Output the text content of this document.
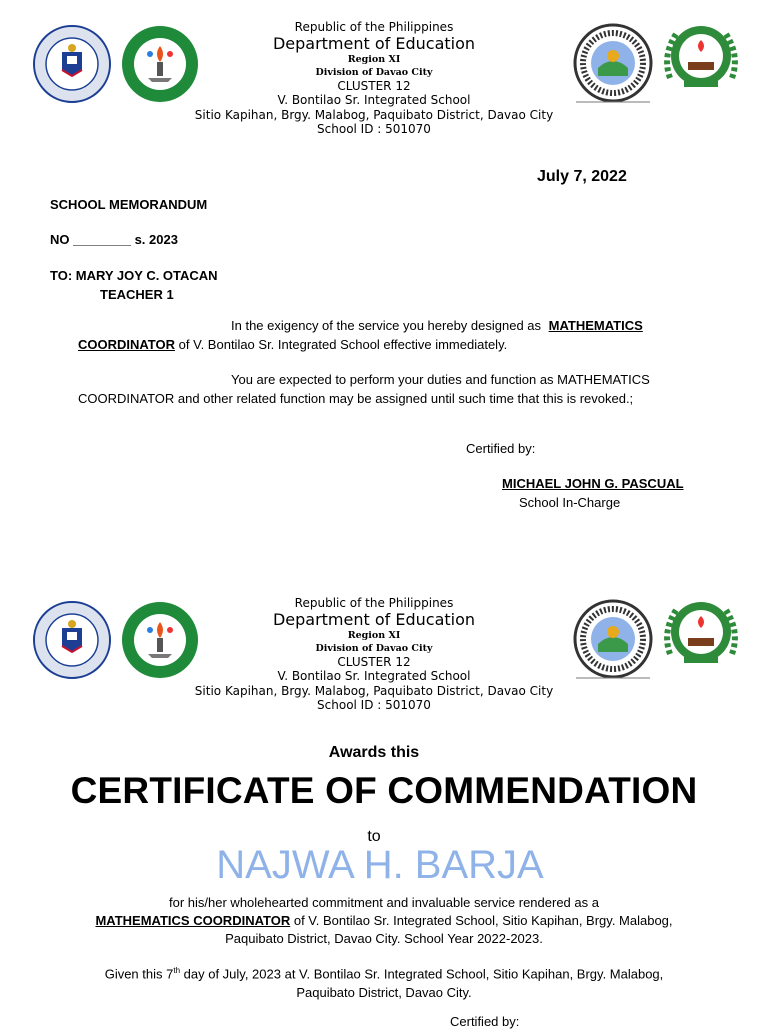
Republic of the Philippines
Department of Education
Region XI
Division of Davao City
CLUSTER 12
V. Bontilao Sr. Integrated School
Sitio Kapihan, Brgy. Malabog, Paquibato District, Davao City
School ID : 501070
July 7, 2022
SCHOOL MEMORANDUM
NO ________ s. 2023
TO: MARY JOY C. OTACAN
TEACHER 1
In the exigency of the service you hereby designed as MATHEMATICS
COORDINATOR of V. Bontilao Sr. Integrated School effective immediately.
You are expected to perform your duties and function as MATHEMATICS
COORDINATOR and other related function may be assigned until such time that this is revoked.;
Certified by:
MICHAEL JOHN G. PASCUAL
School In-Charge
Republic of the Philippines
Department of Education
Region XI
Division of Davao City
CLUSTER 12
V. Bontilao Sr. Integrated School
Sitio Kapihan, Brgy. Malabog, Paquibato District, Davao City
School ID : 501070
Awards this
CERTIFICATE OF COMMENDATION
to
NAJWA H. BARJA
for his/her wholehearted commitment and invaluable service rendered as a
MATHEMATICS COORDINATOR of V. Bontilao Sr. Integrated School, Sitio Kapihan, Brgy. Malabog,
Paquibato District, Davao City. School Year 2022-2023.
Given this 7th day of July, 2023 at V. Bontilao Sr. Integrated School, Sitio Kapihan, Brgy. Malabog,
Paquibato District, Davao City.
Certified by:
